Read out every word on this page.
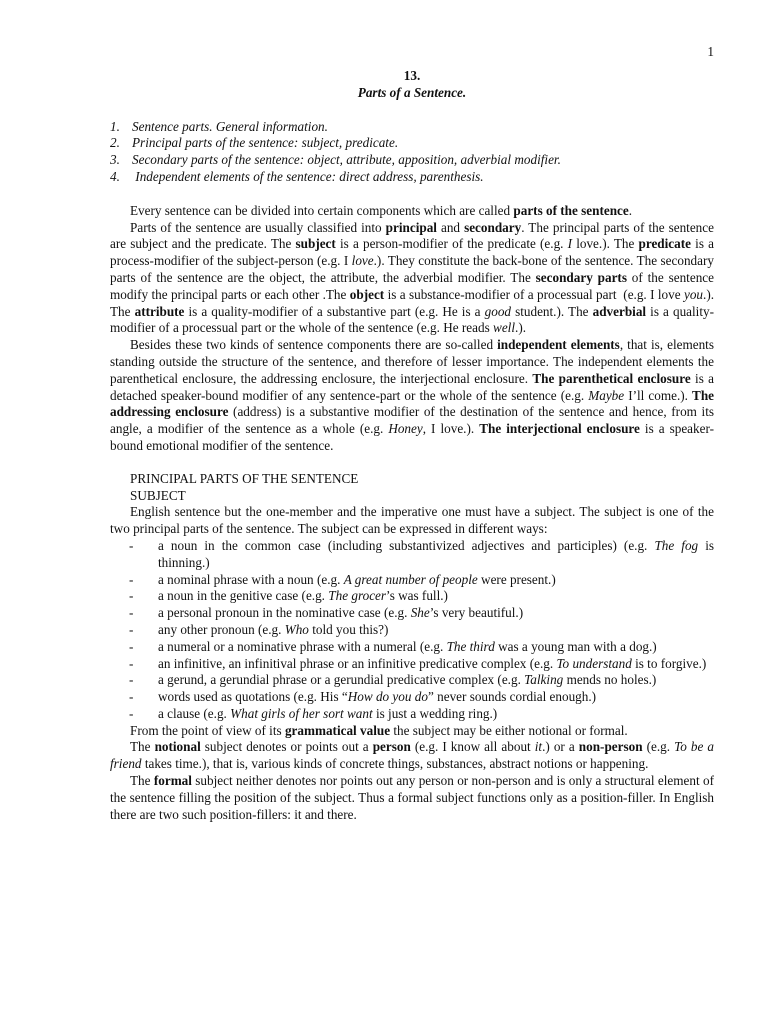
1
13.
Parts of a Sentence.
1. Sentence parts. General information.
2. Principal parts of the sentence: subject, predicate.
3. Secondary parts of the sentence: object, attribute, apposition, adverbial modifier.
4. Independent elements of the sentence: direct address, parenthesis.

Every sentence can be divided into certain components which are called parts of the sentence.

Parts of the sentence are usually classified into principal and secondary. The principal parts of the sentence are subject and the predicate. The subject is a person-modifier of the predicate (e.g. I love.). The predicate is a process-modifier of the subject-person (e.g. I love.). They constitute the back-bone of the sentence. The secondary parts of the sentence are the object, the attribute, the adverbial modifier. The secondary parts of the sentence modify the principal parts or each other .The object is a substance-modifier of a processual part  (e.g. I love you.). The attribute is a quality-modifier of a substantive part (e.g. He is a good student.). The adverbial is a quality-modifier of a processual part or the whole of the sentence (e.g. He reads well.).

Besides these two kinds of sentence components there are so-called independent elements, that is, elements standing outside the structure of the sentence, and therefore of lesser importance. The independent elements the parenthetical enclosure, the addressing enclosure, the interjectional enclosure. The parenthetical enclosure is a detached speaker-bound modifier of any sentence-part or the whole of the sentence (e.g. Maybe I’ll come.). The addressing enclosure (address) is a substantive modifier of the destination of the sentence and hence, from its angle, a modifier of the sentence as a whole (e.g. Honey, I love.). The interjectional enclosure is a speaker-bound emotional modifier of the sentence.

PRINCIPAL PARTS OF THE SENTENCE
SUBJECT

English sentence but the one-member and the imperative one must have a subject. The subject is one of the two principal parts of the sentence. The subject can be expressed in different ways:

- a noun in the common case (including substantivized adjectives and participles) (e.g. The fog is thinning.)
- a nominal phrase with a noun (e.g. A great number of people were present.)
- a noun in the genitive case (e.g. The grocer’s was full.)
- a personal pronoun in the nominative case (e.g. She’s very beautiful.)
- any other pronoun (e.g. Who told you this?)
- a numeral or a nominative phrase with a numeral (e.g. The third was a young man with a dog.)
- an infinitive, an infinitival phrase or an infinitive predicative complex (e.g. To understand is to forgive.)
- a gerund, a gerundial phrase or a gerundial predicative complex (e.g. Talking mends no holes.)
- words used as quotations (e.g. His “How do you do” never sounds cordial enough.)
- a clause (e.g. What girls of her sort want is just a wedding ring.)

From the point of view of its grammatical value the subject may be either notional or formal.

The notional subject denotes or points out a person (e.g. I know all about it.) or a non-person (e.g. To be a friend takes time.), that is, various kinds of concrete things, substances, abstract notions or happening.

The formal subject neither denotes nor points out any person or non-person and is only a structural element of the sentence filling the position of the subject. Thus a formal subject functions only as a position-filler. In English there are two such position-fillers: it and there.
